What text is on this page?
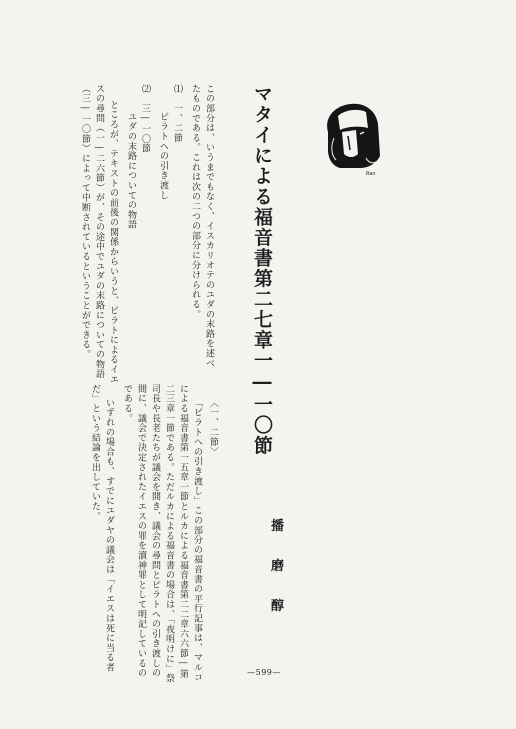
Ran
マタイによる福音書第二七章一―一〇節
播
磨
醇
この部分は、いうまでもなく、イスカリオテのユダの末路を述べ
たものである。これは次の二つの部分に分けられる。
⑴　一、二節
ピラトへの引き渡し
⑵　三―一〇節
ユダの末路についての物語
ところが、テキストの前後の関係からいうと、ピラトによるイエ
スの尋問（一―二六節）が、その途中でユダの末路についての物語
（三―一〇節）によって中断されているということができる。
〈一、二節〉
「ピラトへの引き渡し」この部分の福音書の平行記事は、マルコ
による福音書第一五章一節とルカによる福音書第二二章六六節―第
二三章一節である。ただルカによる福音書の場合は、「夜明けに」祭
司長や長老たちが議会を開き、議会の尋問とピラトへの引き渡しの
間に、議会で決定されたイエスの罪を瀆神罪として明記しているの
である。
いずれの場合も、すでにユダヤの議会は「イエスは死に当る者
だ」という結論を出していた。
—599—
